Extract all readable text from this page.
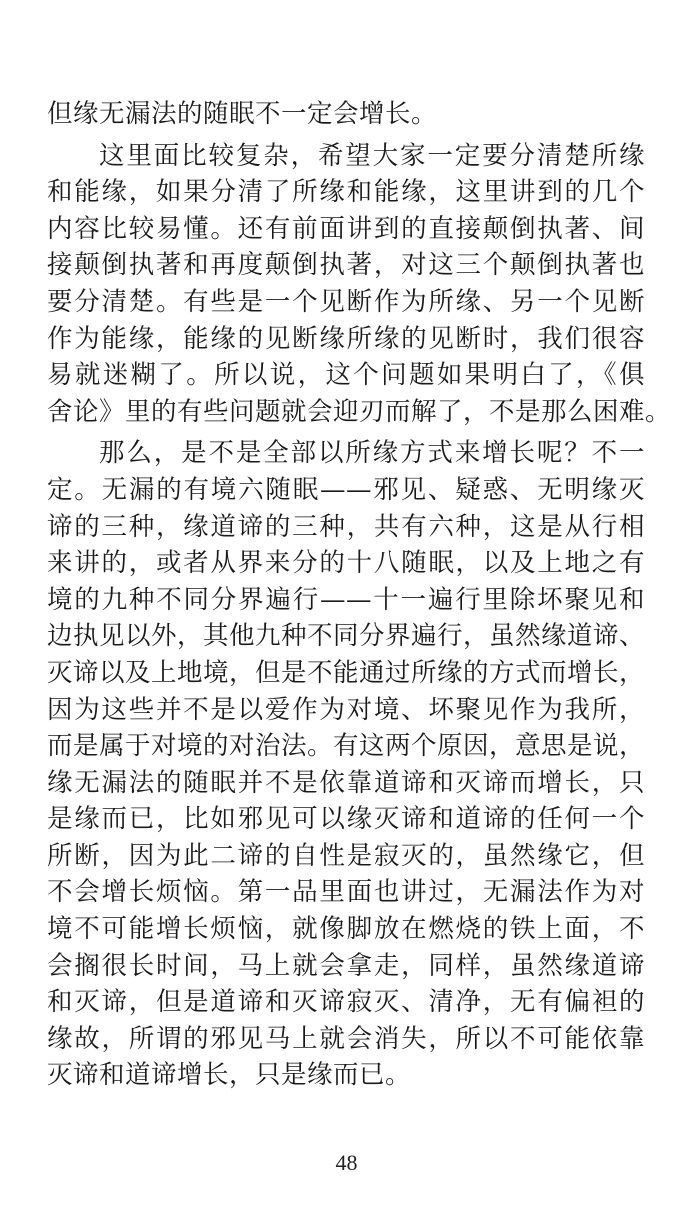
但缘无漏法的随眠不一定会增长。
这里面比较复杂，希望大家一定要分清楚所缘
和能缘，如果分清了所缘和能缘，这里讲到的几个
内容比较易懂。还有前面讲到的直接颠倒执著、间
接颠倒执著和再度颠倒执著，对这三个颠倒执著也
要分清楚。有些是一个见断作为所缘、另一个见断
作为能缘，能缘的见断缘所缘的见断时，我们很容
易就迷糊了。所以说，这个问题如果明白了，《俱
舍论》里的有些问题就会迎刃而解了，不是那么困难。
那么，是不是全部以所缘方式来增长呢？不一
定。无漏的有境六随眠——邪见、疑惑、无明缘灭
谛的三种，缘道谛的三种，共有六种，这是从行相
来讲的，或者从界来分的十八随眠，以及上地之有
境的九种不同分界遍行——十一遍行里除坏聚见和
边执见以外，其他九种不同分界遍行，虽然缘道谛、
灭谛以及上地境，但是不能通过所缘的方式而增长，
因为这些并不是以爱作为对境、坏聚见作为我所，
而是属于对境的对治法。有这两个原因，意思是说，
缘无漏法的随眠并不是依靠道谛和灭谛而增长，只
是缘而已，比如邪见可以缘灭谛和道谛的任何一个
所断，因为此二谛的自性是寂灭的，虽然缘它，但
不会增长烦恼。第一品里面也讲过，无漏法作为对
境不可能增长烦恼，就像脚放在燃烧的铁上面，不
会搁很长时间，马上就会拿走，同样，虽然缘道谛
和灭谛，但是道谛和灭谛寂灭、清净，无有偏袒的
缘故，所谓的邪见马上就会消失，所以不可能依靠
灭谛和道谛增长，只是缘而已。
48
